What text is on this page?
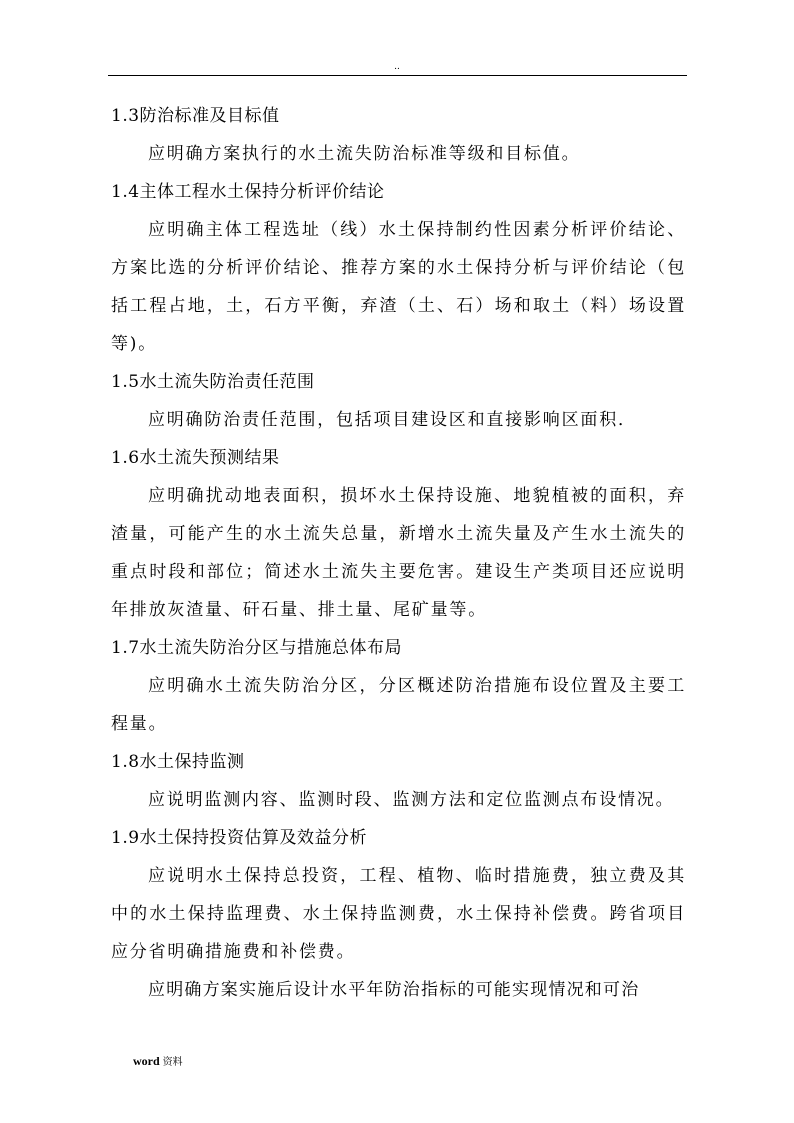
..
1.3防治标准及目标值
应明确方案执行的水土流失防治标准等级和目标值。
1.4主体工程水土保持分析评价结论
应明确主体工程选址（线）水土保持制约性因素分析评价结论、方案比选的分析评价结论、推荐方案的水土保持分析与评价结论（包括工程占地，土，石方平衡，弃渣（土、石）场和取土（料）场设置等)。
1.5水土流失防治责任范围
应明确防治责任范围，包括项目建设区和直接影响区面积．
1.6水土流失预测结果
应明确扰动地表面积，损坏水土保持设施、地貌植被的面积，弃渣量，可能产生的水土流失总量，新增水土流失量及产生水土流失的重点时段和部位；简述水土流失主要危害。建设生产类项目还应说明年排放灰渣量、矸石量、排土量、尾矿量等。
1.7水土流失防治分区与措施总体布局
应明确水土流失防治分区，分区概述防治措施布设位置及主要工程量。
1.8水土保持监测
应说明监测内容、监测时段、监测方法和定位监测点布设情况。
1.9水土保持投资估算及效益分析
应说明水土保持总投资，工程、植物、临时措施费，独立费及其中的水土保持监理费、水土保持监测费，水土保持补偿费。跨省项目应分省明确措施费和补偿费。
应明确方案实施后设计水平年防治指标的可能实现情况和可治
word 资料
